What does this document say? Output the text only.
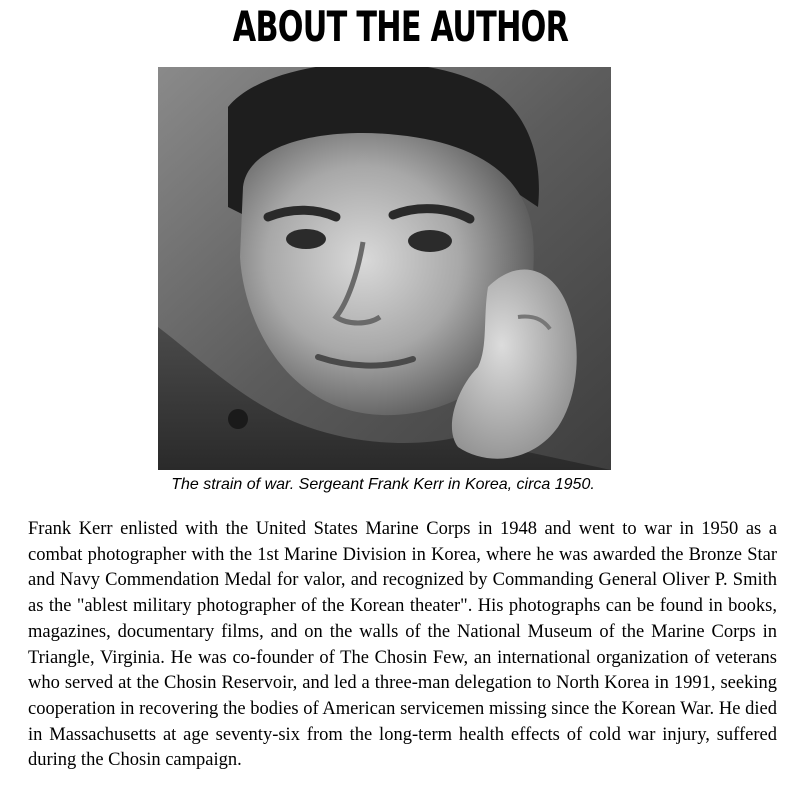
ABOUT THE AUTHOR

The strain of war. Sergeant Frank Kerr in Korea, circa 1950.

Frank Kerr enlisted with the United States Marine Corps in 1948 and went to war in 1950 as a combat photographer with the 1st Marine Division in Korea, where he was awarded the Bronze Star and Navy Commendation Medal for valor, and recognized by Commanding General Oliver P. Smith as the "ablest military photographer of the Korean theater". His photographs can be found in books, magazines, documentary films, and on the walls of the National Museum of the Marine Corps in Triangle, Virginia. He was co-founder of The Chosin Few, an international organization of veterans who served at the Chosin Reservoir, and led a three-man delegation to North Korea in 1991, seeking cooperation in recovering the bodies of American servicemen missing since the Korean War. He died in Massachusetts at age seventy-six from the long-term health effects of cold war injury, suffered during the Chosin campaign.
